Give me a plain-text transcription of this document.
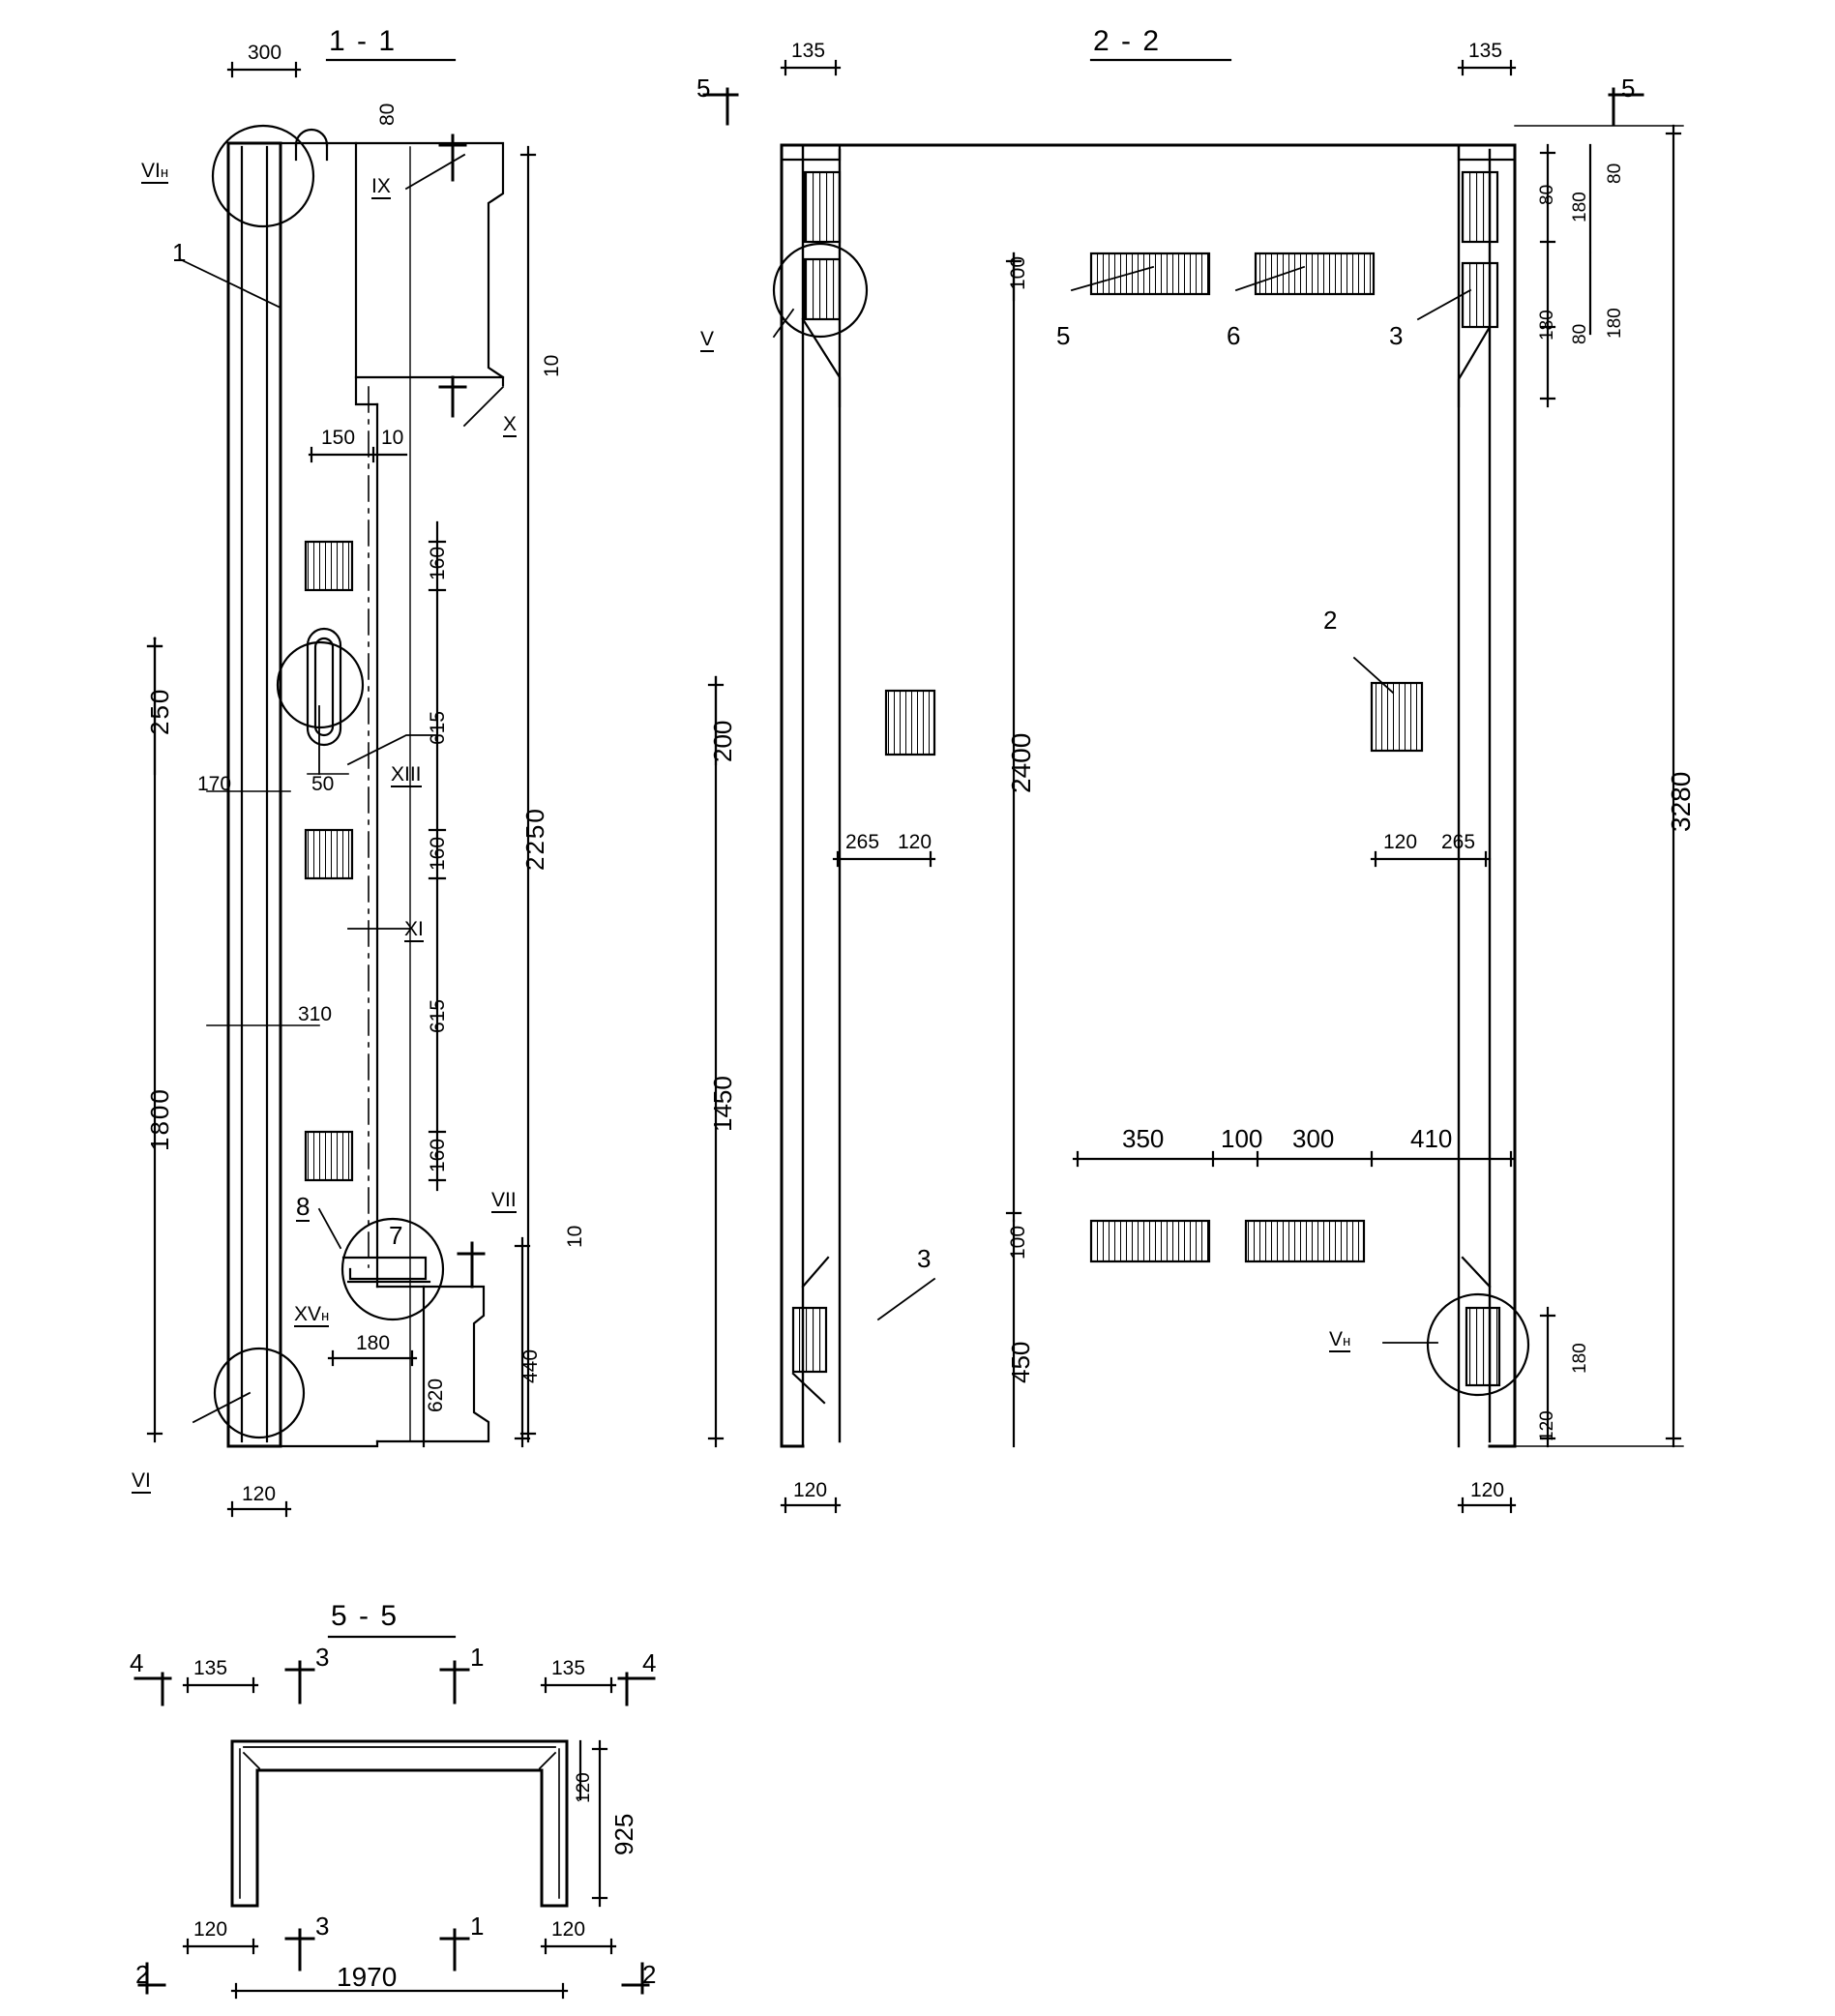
1 - 1	2 - 2
5 - 5
300
80
10
150 10
160
615
160
615
160
2250
250
1800
170	50
310
180
620
440
10
120
VIн
IX
X
XIII
XI
VII
XVн
VI
1
8
7
135	135
80
180
180
80
180
80
3280
2400
100
100
200
1450
450
265 120	120 265
350 100 300	410
120
180
120
120
5	5
V
Vн
5	6	3
2
3
135	135
120
925
120	120
1970
4	4
3	1
3	1
2	2
